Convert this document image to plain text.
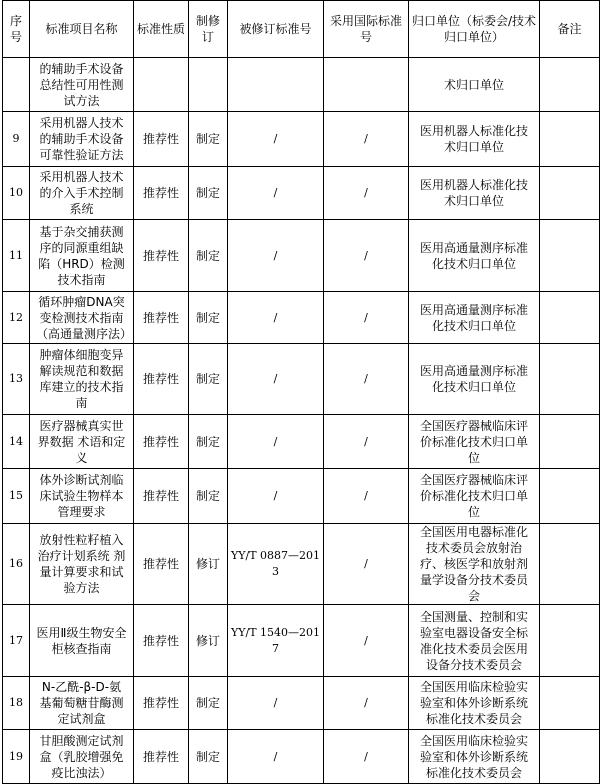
序号	标准项目名称	标准性质	制修订	被修订标准号	采用国际标准号	归口单位（标委会/技术归口单位）	备注
	的辅助手术设备总结性可用性测试方法					术归口单位	
9	采用机器人技术的辅助手术设备可靠性验证方法	推荐性	制定	/	/	医用机器人标准化技术归口单位	
10	采用机器人技术的介入手术控制系统	推荐性	制定	/	/	医用机器人标准化技术归口单位	
11	基于杂交捕获测序的同源重组缺陷（HRD）检测技术指南	推荐性	制定	/	/	医用高通量测序标准化技术归口单位	
12	循环肿瘤DNA突变检测技术指南（高通量测序法）	推荐性	制定	/	/	医用高通量测序标准化技术归口单位	
13	肿瘤体细胞变异解读规范和数据库建立的技术指南	推荐性	制定	/	/	医用高通量测序标准化技术归口单位	
14	医疗器械真实世界数据 术语和定义	推荐性	制定	/	/	全国医疗器械临床评价标准化技术归口单位	
15	体外诊断试剂临床试验生物样本管理要求	推荐性	制定	/	/	全国医疗器械临床评价标准化技术归口单位	
16	放射性粒籽植入治疗计划系统 剂量计算要求和试验方法	推荐性	修订	YY/T 0887—2013	/	全国医用电器标准化技术委员会放射治疗、核医学和放射剂量学设备分技术委员会	
17	医用Ⅱ级生物安全柜核查指南	推荐性	修订	YY/T 1540—2017	/	全国测量、控制和实验室电器设备安全标准化技术委员会医用设备分技术委员会	
18	N-乙酰-β-D-氨基葡萄糖苷酶测定试剂盒	推荐性	制定	/	/	全国医用临床检验实验室和体外诊断系统标准化技术委员会	
19	甘胆酸测定试剂盒（乳胶增强免疫比浊法）	推荐性	制定	/	/	全国医用临床检验实验室和体外诊断系统标准化技术委员会	
